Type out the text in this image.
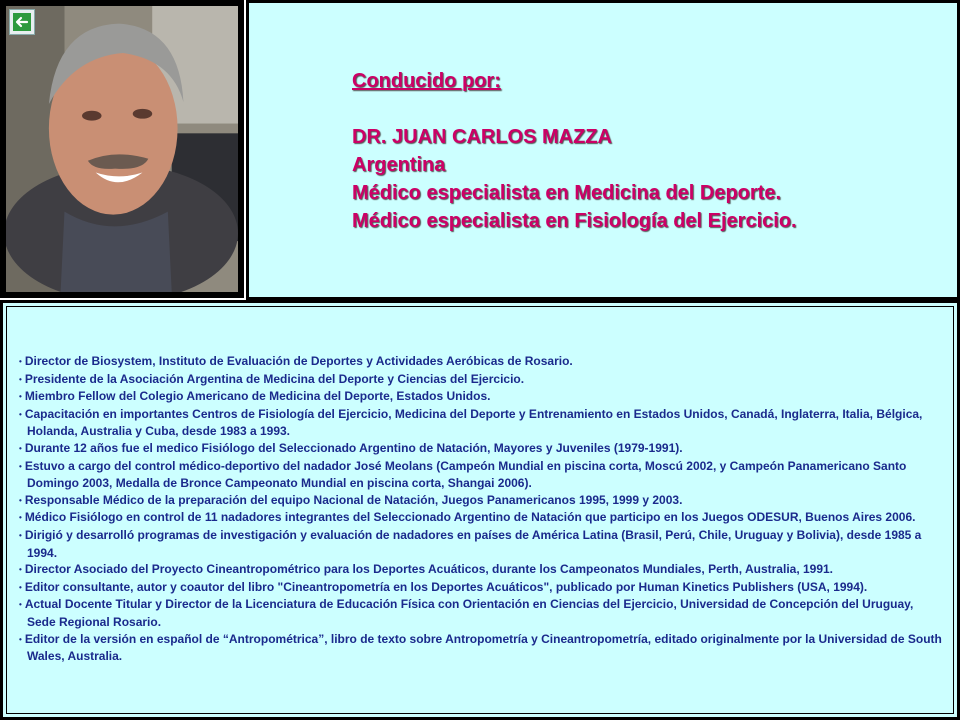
Conducido por:
DR. JUAN CARLOS MAZZA
Argentina
Médico especialista en Medicina del Deporte.
Médico especialista en Fisiología del Ejercicio.
• Director de Biosystem, Instituto de Evaluación de Deportes y Actividades Aeróbicas de Rosario.
• Presidente de la Asociación Argentina de Medicina del Deporte y Ciencias del Ejercicio.
• Miembro Fellow del Colegio Americano de Medicina del Deporte, Estados Unidos.
• Capacitación en importantes Centros de Fisiología del Ejercicio, Medicina del Deporte y Entrenamiento en Estados Unidos, Canadá, Inglaterra, Italia, Bélgica, Holanda, Australia y Cuba, desde 1983 a 1993.
• Durante 12 años fue el medico Fisiólogo del Seleccionado Argentino de Natación, Mayores y Juveniles (1979-1991).
• Estuvo a cargo del control médico-deportivo del nadador José Meolans (Campeón Mundial en piscina corta, Moscú 2002, y Campeón Panamericano Santo Domingo 2003, Medalla de Bronce Campeonato Mundial en piscina corta, Shangai 2006).
• Responsable Médico de la preparación del equipo Nacional de Natación, Juegos Panamericanos 1995, 1999 y 2003.
• Médico Fisiólogo en control de 11 nadadores integrantes del Seleccionado Argentino de Natación que participo en los Juegos ODESUR, Buenos Aires 2006.
• Dirigió y desarrolló programas de investigación y evaluación de nadadores en países de América Latina (Brasil, Perú, Chile, Uruguay y Bolivia), desde 1985 a 1994.
• Director Asociado del Proyecto Cineantropométrico para los Deportes Acuáticos, durante los Campeonatos Mundiales, Perth, Australia, 1991.
• Editor consultante, autor y coautor del libro "Cineantropometría en los Deportes Acuáticos", publicado por Human Kinetics Publishers (USA, 1994).
• Actual Docente Titular y Director de la Licenciatura de Educación Física con Orientación en Ciencias del Ejercicio, Universidad de Concepción del Uruguay, Sede Regional Rosario.
• Editor de la versión en español de “Antropométrica”, libro de texto sobre Antropometría y Cineantropometría, editado originalmente por la Universidad de South Wales, Australia.
